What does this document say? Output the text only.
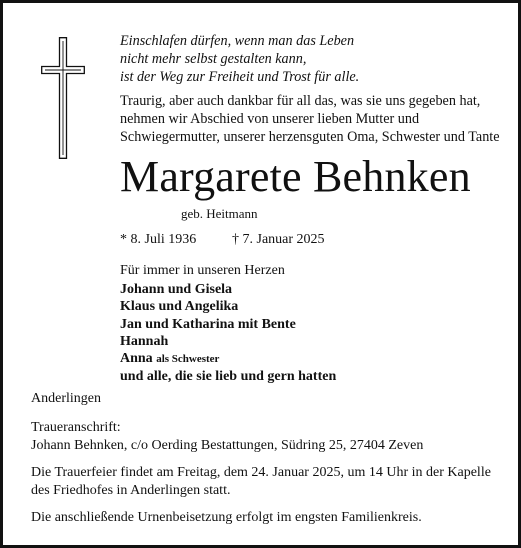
Einschlafen dürfen, wenn man das Leben
nicht mehr selbst gestalten kann,
ist der Weg zur Freiheit und Trost für alle.
Traurig, aber auch dankbar für all das, was sie uns gegeben hat,
nehmen wir Abschied von unserer lieben Mutter und
Schwiegermutter, unserer herzensguten Oma, Schwester und Tante
Margarete Behnken
geb. Heitmann
* 8. Juli 1936	† 7. Januar 2025
Für immer in unseren Herzen
Johann und Gisela
Klaus und Angelika
Jan und Katharina mit Bente
Hannah
Anna als Schwester
und alle, die sie lieb und gern hatten
Anderlingen
Traueranschrift:
Johann Behnken, c/o Oerding Bestattungen, Südring 25, 27404 Zeven
Die Trauerfeier findet am Freitag, dem 24. Januar 2025, um 14 Uhr in der Kapelle
des Friedhofes in Anderlingen statt.
Die anschließende Urnenbeisetzung erfolgt im engsten Familienkreis.
